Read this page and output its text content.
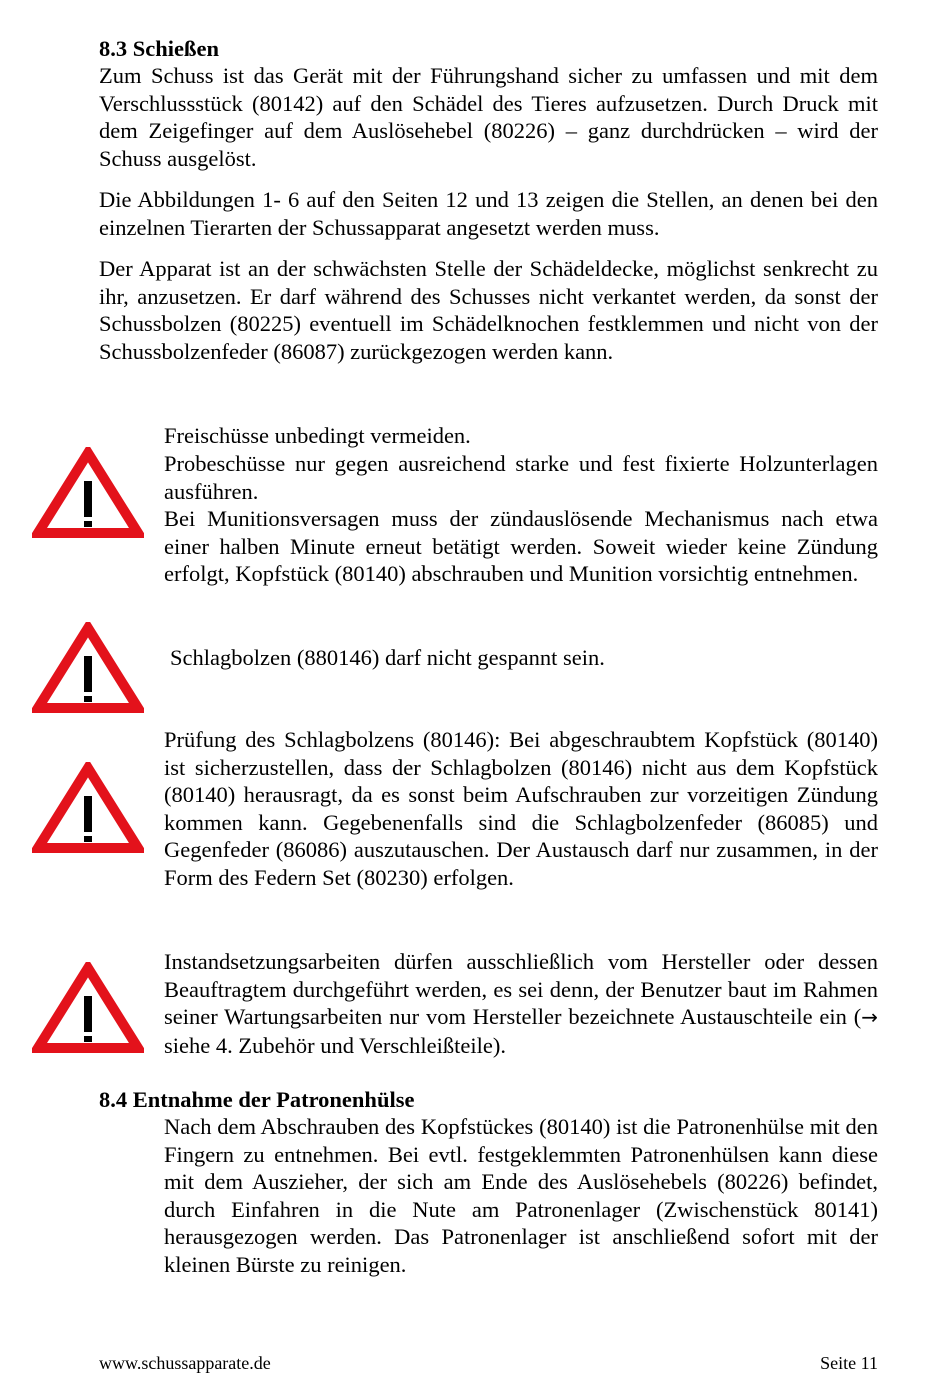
8.3 Schießen

Zum Schuss ist das Gerät mit der Führungshand sicher zu umfassen und mit dem Verschlussstück (80142) auf den Schädel des Tieres aufzusetzen. Durch Druck mit dem Zeigefinger auf dem Auslösehebel (80226) – ganz durchdrücken – wird der Schuss ausgelöst.

Die Abbildungen 1- 6 auf den Seiten 12 und 13 zeigen die Stellen, an denen bei den einzelnen Tierarten der Schussapparat angesetzt werden muss.

Der Apparat ist an der schwächsten Stelle der Schädeldecke, möglichst senkrecht zu ihr, anzusetzen. Er darf während des Schusses nicht verkantet werden, da sonst der Schussbolzen (80225) eventuell im Schädelknochen festklemmen und nicht von der Schussbolzenfeder (86087) zurückgezogen werden kann.

Freischüsse unbedingt vermeiden.

Probeschüsse nur gegen ausreichend starke und fest fixierte Holzunterlagen ausführen.

Bei Munitionsversagen muss der zündauslösende Mechanismus nach etwa einer halben Minute erneut betätigt werden. Soweit wieder keine Zündung erfolgt, Kopfstück (80140) abschrauben und Munition vorsichtig entnehmen.

Schlagbolzen (880146) darf nicht gespannt sein.

Prüfung des Schlagbolzens (80146): Bei abgeschraubtem Kopfstück (80140) ist sicherzustellen, dass der Schlagbolzen (80146) nicht aus dem Kopfstück (80140) herausragt, da es sonst beim Aufschrauben zur vorzeitigen Zündung kommen kann. Gegebenenfalls sind die Schlagbolzenfeder (86085) und Gegenfeder (86086) auszutauschen. Der Austausch darf nur zusammen, in der Form des Federn Set (80230) erfolgen.

Instandsetzungsarbeiten dürfen ausschließlich vom Hersteller oder dessen Beauftragtem durchgeführt werden, es sei denn, der Benutzer baut im Rahmen seiner Wartungsarbeiten nur vom Hersteller bezeichnete Austauschteile ein (→ siehe 4. Zubehör und Verschleißteile).

8.4 Entnahme der Patronenhülse

Nach dem Abschrauben des Kopfstückes (80140) ist die Patronenhülse mit den Fingern zu entnehmen. Bei evtl. festgeklemmten Patronenhülsen kann diese mit dem Auszieher, der sich am Ende des Auslösehebels (80226) befindet, durch Einfahren in die Nute am Patronenlager (Zwischenstück 80141) herausgezogen werden. Das Patronenlager ist anschließend sofort mit der kleinen Bürste zu reinigen.

www.schussapparate.de	Seite 11
